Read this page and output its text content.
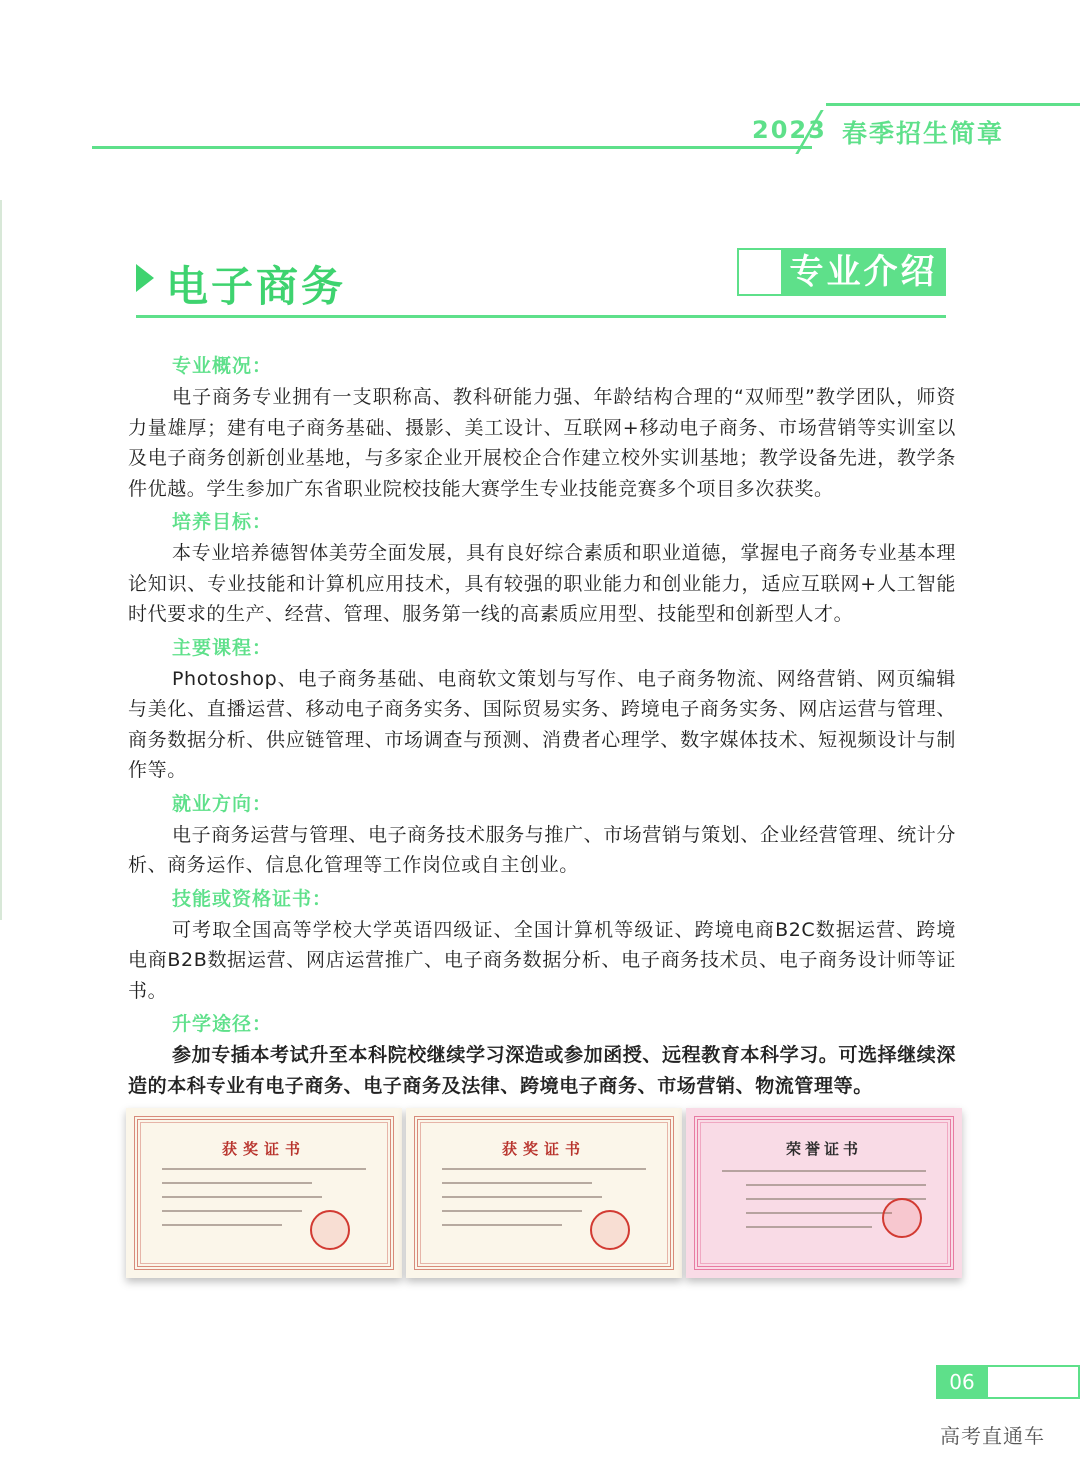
2023 春季招生简章
电子商务	专业介绍
专业概况：
电子商务专业拥有一支职称高、教科研能力强、年龄结构合理的“双师型”教学团队，师资力量雄厚；建有电子商务基础、摄影、美工设计、互联网+移动电子商务、市场营销等实训室以及电子商务创新创业基地，与多家企业开展校企合作建立校外实训基地；教学设备先进，教学条件优越。学生参加广东省职业院校技能大赛学生专业技能竞赛多个项目多次获奖。
培养目标：
本专业培养德智体美劳全面发展，具有良好综合素质和职业道德，掌握电子商务专业基本理论知识、专业技能和计算机应用技术，具有较强的职业能力和创业能力，适应互联网+人工智能时代要求的生产、经营、管理、服务第一线的高素质应用型、技能型和创新型人才。
主要课程：
Photoshop、电子商务基础、电商软文策划与写作、电子商务物流、网络营销、网页编辑与美化、直播运营、移动电子商务实务、国际贸易实务、跨境电子商务实务、网店运营与管理、商务数据分析、供应链管理、市场调查与预测、消费者心理学、数字媒体技术、短视频设计与制作等。
就业方向：
电子商务运营与管理、电子商务技术服务与推广、市场营销与策划、企业经营管理、统计分析、商务运作、信息化管理等工作岗位或自主创业。
技能或资格证书：
可考取全国高等学校大学英语四级证、全国计算机等级证、跨境电商B2C数据运营、跨境电商B2B数据运营、网店运营推广、电子商务数据分析、电子商务技术员、电子商务设计师等证书。
升学途径：
参加专插本考试升至本科院校继续学习深造或参加函授、远程教育本科学习。可选择继续深造的本科专业有电子商务、电子商务及法律、跨境电子商务、市场营销、物流管理等。
获奖证书	获奖证书	荣誉证书
06
高考直通车
